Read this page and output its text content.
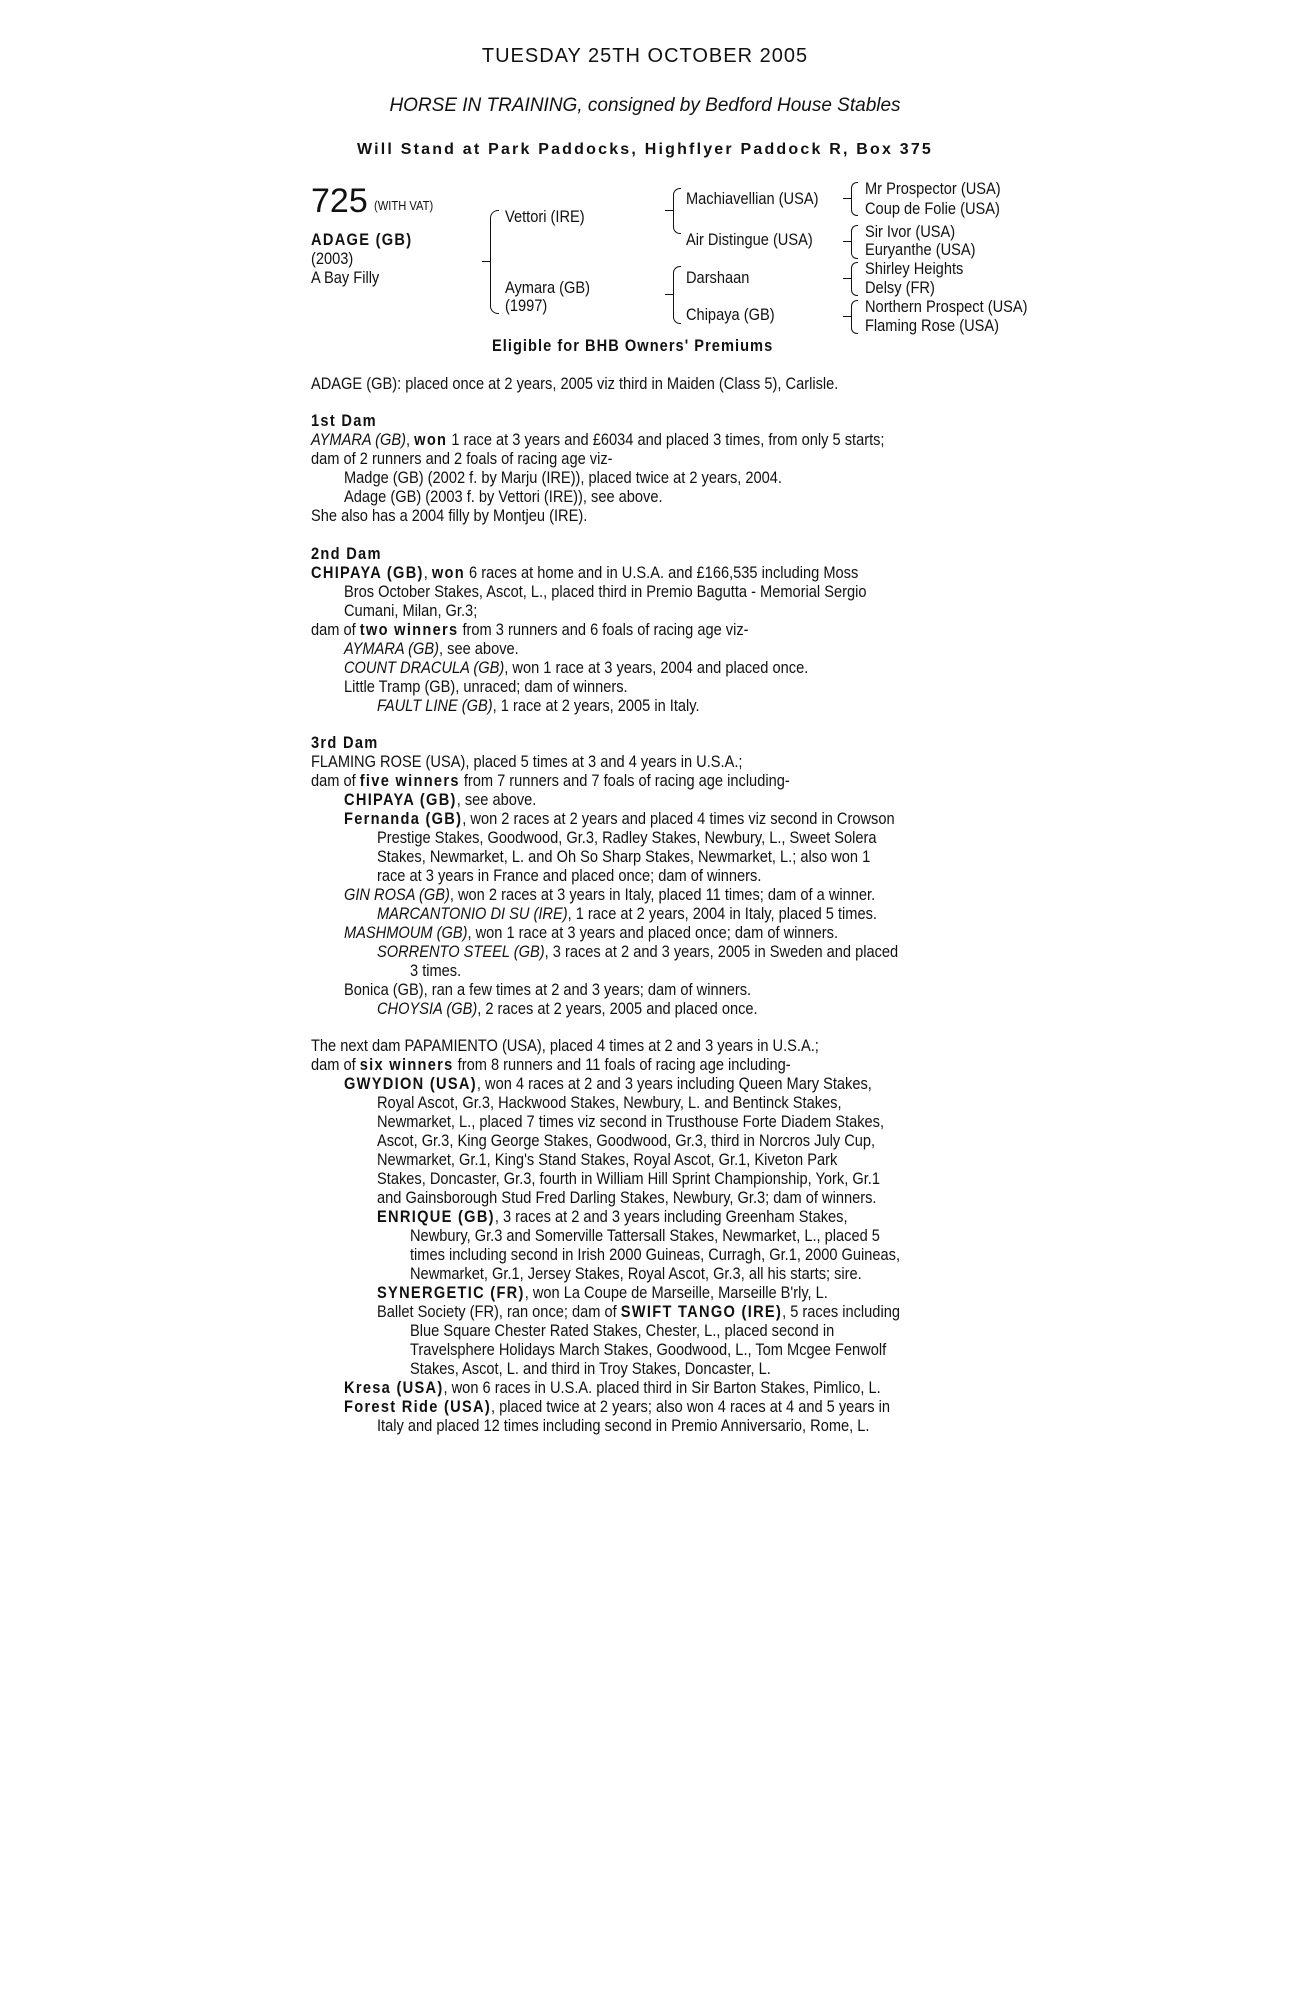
TUESDAY 25TH OCTOBER 2005
HORSE IN TRAINING, consigned by Bedford House Stables
Will Stand at Park Paddocks, Highflyer Paddock R, Box 375
725 (WITH VAT)
ADAGE (GB)
(2003)
A Bay Filly
Vettori (IRE)
Aymara (GB)
(1997)
Machiavellian (USA)
Air Distingue (USA)
Darshaan
Chipaya (GB)
Mr Prospector (USA)
Coup de Folie (USA)
Sir Ivor (USA)
Euryanthe (USA)
Shirley Heights
Delsy (FR)
Northern Prospect (USA)
Flaming Rose (USA)
Eligible for BHB Owners' Premiums
ADAGE (GB): placed once at 2 years, 2005 viz third in Maiden (Class 5), Carlisle.
1st Dam
AYMARA (GB), won 1 race at 3 years and £6034 and placed 3 times, from only 5 starts;
dam of 2 runners and 2 foals of racing age viz-
Madge (GB) (2002 f. by Marju (IRE)), placed twice at 2 years, 2004.
Adage (GB) (2003 f. by Vettori (IRE)), see above.
She also has a 2004 filly by Montjeu (IRE).
2nd Dam
CHIPAYA (GB), won 6 races at home and in U.S.A. and £166,535 including Moss
Bros October Stakes, Ascot, L., placed third in Premio Bagutta - Memorial Sergio
Cumani, Milan, Gr.3;
dam of two winners from 3 runners and 6 foals of racing age viz-
AYMARA (GB), see above.
COUNT DRACULA (GB), won 1 race at 3 years, 2004 and placed once.
Little Tramp (GB), unraced; dam of winners.
FAULT LINE (GB), 1 race at 2 years, 2005 in Italy.
3rd Dam
FLAMING ROSE (USA), placed 5 times at 3 and 4 years in U.S.A.;
dam of five winners from 7 runners and 7 foals of racing age including-
CHIPAYA (GB), see above.
Fernanda (GB), won 2 races at 2 years and placed 4 times viz second in Crowson
Prestige Stakes, Goodwood, Gr.3, Radley Stakes, Newbury, L., Sweet Solera
Stakes, Newmarket, L. and Oh So Sharp Stakes, Newmarket, L.; also won 1
race at 3 years in France and placed once; dam of winners.
GIN ROSA (GB), won 2 races at 3 years in Italy, placed 11 times; dam of a winner.
MARCANTONIO DI SU (IRE), 1 race at 2 years, 2004 in Italy, placed 5 times.
MASHMOUM (GB), won 1 race at 3 years and placed once; dam of winners.
SORRENTO STEEL (GB), 3 races at 2 and 3 years, 2005 in Sweden and placed
3 times.
Bonica (GB), ran a few times at 2 and 3 years; dam of winners.
CHOYSIA (GB), 2 races at 2 years, 2005 and placed once.
The next dam PAPAMIENTO (USA), placed 4 times at 2 and 3 years in U.S.A.;
dam of six winners from 8 runners and 11 foals of racing age including-
GWYDION (USA), won 4 races at 2 and 3 years including Queen Mary Stakes,
Royal Ascot, Gr.3, Hackwood Stakes, Newbury, L. and Bentinck Stakes,
Newmarket, L., placed 7 times viz second in Trusthouse Forte Diadem Stakes,
Ascot, Gr.3, King George Stakes, Goodwood, Gr.3, third in Norcros July Cup,
Newmarket, Gr.1, King's Stand Stakes, Royal Ascot, Gr.1, Kiveton Park
Stakes, Doncaster, Gr.3, fourth in William Hill Sprint Championship, York, Gr.1
and Gainsborough Stud Fred Darling Stakes, Newbury, Gr.3; dam of winners.
ENRIQUE (GB), 3 races at 2 and 3 years including Greenham Stakes,
Newbury, Gr.3 and Somerville Tattersall Stakes, Newmarket, L., placed 5
times including second in Irish 2000 Guineas, Curragh, Gr.1, 2000 Guineas,
Newmarket, Gr.1, Jersey Stakes, Royal Ascot, Gr.3, all his starts; sire.
SYNERGETIC (FR), won La Coupe de Marseille, Marseille B'rly, L.
Ballet Society (FR), ran once; dam of SWIFT TANGO (IRE), 5 races including
Blue Square Chester Rated Stakes, Chester, L., placed second in
Travelsphere Holidays March Stakes, Goodwood, L., Tom Mcgee Fenwolf
Stakes, Ascot, L. and third in Troy Stakes, Doncaster, L.
Kresa (USA), won 6 races in U.S.A. placed third in Sir Barton Stakes, Pimlico, L.
Forest Ride (USA), placed twice at 2 years; also won 4 races at 4 and 5 years in
Italy and placed 12 times including second in Premio Anniversario, Rome, L.
